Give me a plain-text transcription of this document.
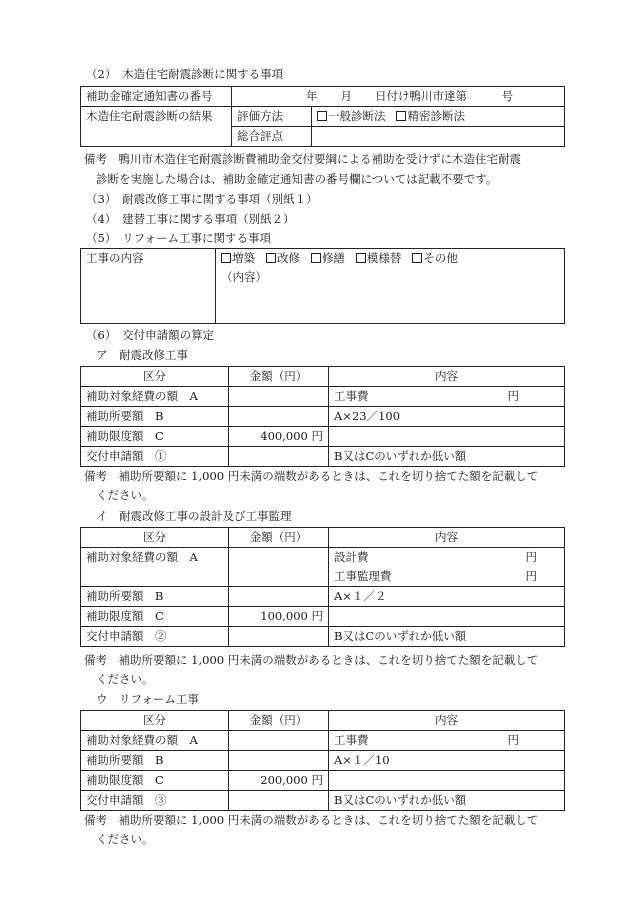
（2）　木造住宅耐震診断に関する事項
補助金確定通知書の番号	　　年　　月　　日付け鴨川市達第　　　号	
木造住宅耐震診断の結果	評価方法	一般診断法 精密診断法
	総合評点	
備考　鴨川市木造住宅耐震診断費補助金交付要綱による補助を受けずに木造住宅耐震
診断を実施した場合は、補助金確定通知書の番号欄については記載不要です。
（3）　耐震改修工事に関する事項（別紙１）
（4）　建替工事に関する事項（別紙２）
（5）　リフォーム工事に関する事項
工事の内容	増築 改修 修繕 模様替 その他
（内容）
（6）　交付申請額の算定
ア　耐震改修工事
区分	金額（円）	内容
補助対象経費の額　A		工事費 円

補助所要額　B		A×23／100
補助限度額　C	400,000 円	
交付申請額　①		B又はCのいずれか低い額
備考　補助所要額に 1,000 円未満の端数があるときは、これを切り捨てた額を記載して
ください。
イ　耐震改修工事の設計及び工事監理
区分	金額（円）	内容
補助対象経費の額　A		設計費 円
工事監理費 円

補助所要額　B		A×１／２
補助限度額　C	100,000 円	
交付申請額　②		B又はCのいずれか低い額
備考　補助所要額に 1,000 円未満の端数があるときは、これを切り捨てた額を記載して
ください。
ウ　リフォーム工事
区分	金額（円）	内容
補助対象経費の額　A		工事費 円

補助所要額　B		A×１／10
補助限度額　C	200,000 円	
交付申請額　③		B又はCのいずれか低い額
備考　補助所要額に 1,000 円未満の端数があるときは、これを切り捨てた額を記載して
ください。
